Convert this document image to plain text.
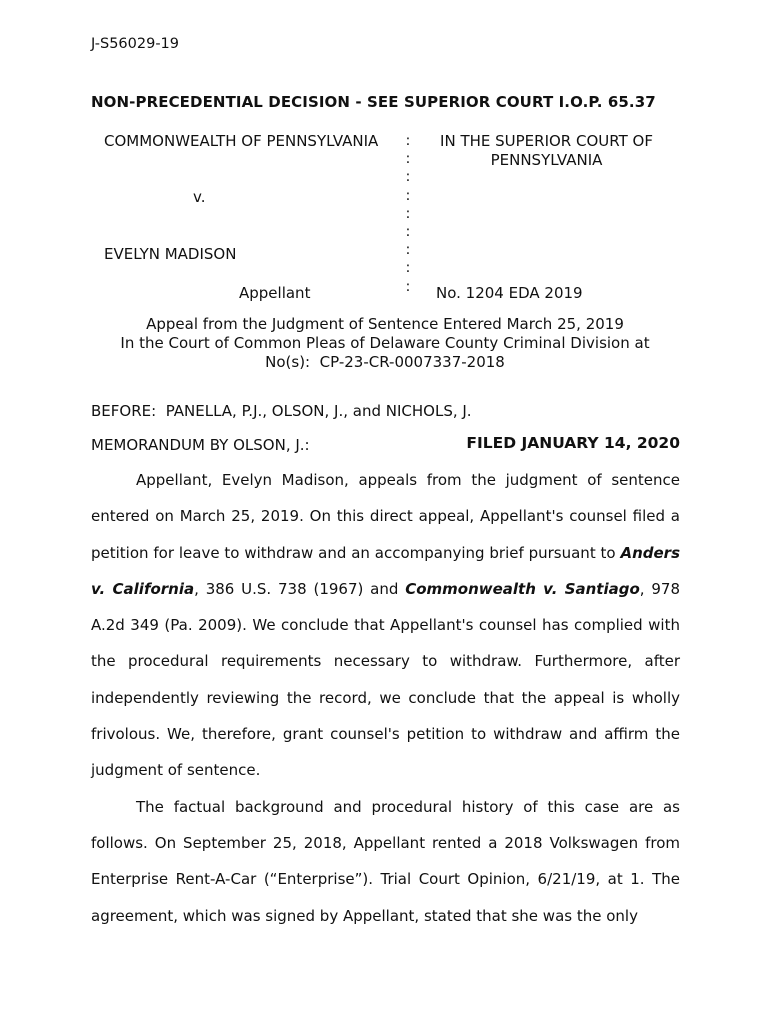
J-S56029-19
NON-PRECEDENTIAL DECISION - SEE SUPERIOR COURT I.O.P. 65.37
COMMONWEALTH OF PENNSYLVANIA
v.
EVELYN MADISON
Appellant
:
:
:
:
:
:
:
:
:
IN THE SUPERIOR COURT OF PENNSYLVANIA
No. 1204 EDA 2019
Appeal from the Judgment of Sentence Entered March 25, 2019
In the Court of Common Pleas of Delaware County Criminal Division at
No(s):  CP-23-CR-0007337-2018
BEFORE:  PANELLA, P.J., OLSON, J., and NICHOLS, J.
MEMORANDUM BY OLSON, J.:	FILED JANUARY 14, 2020

Appellant, Evelyn Madison, appeals from the judgment of sentence entered on March 25, 2019. On this direct appeal, Appellant's counsel filed a petition for leave to withdraw and an accompanying brief pursuant to Anders v. California, 386 U.S. 738 (1967) and Commonwealth v. Santiago, 978 A.2d 349 (Pa. 2009). We conclude that Appellant's counsel has complied with the procedural requirements necessary to withdraw. Furthermore, after independently reviewing the record, we conclude that the appeal is wholly frivolous. We, therefore, grant counsel's petition to withdraw and affirm the judgment of sentence.

The factual background and procedural history of this case are as follows. On September 25, 2018, Appellant rented a 2018 Volkswagen from Enterprise Rent-A-Car (“Enterprise”). Trial Court Opinion, 6/21/19, at 1. The agreement, which was signed by Appellant, stated that she was the only
